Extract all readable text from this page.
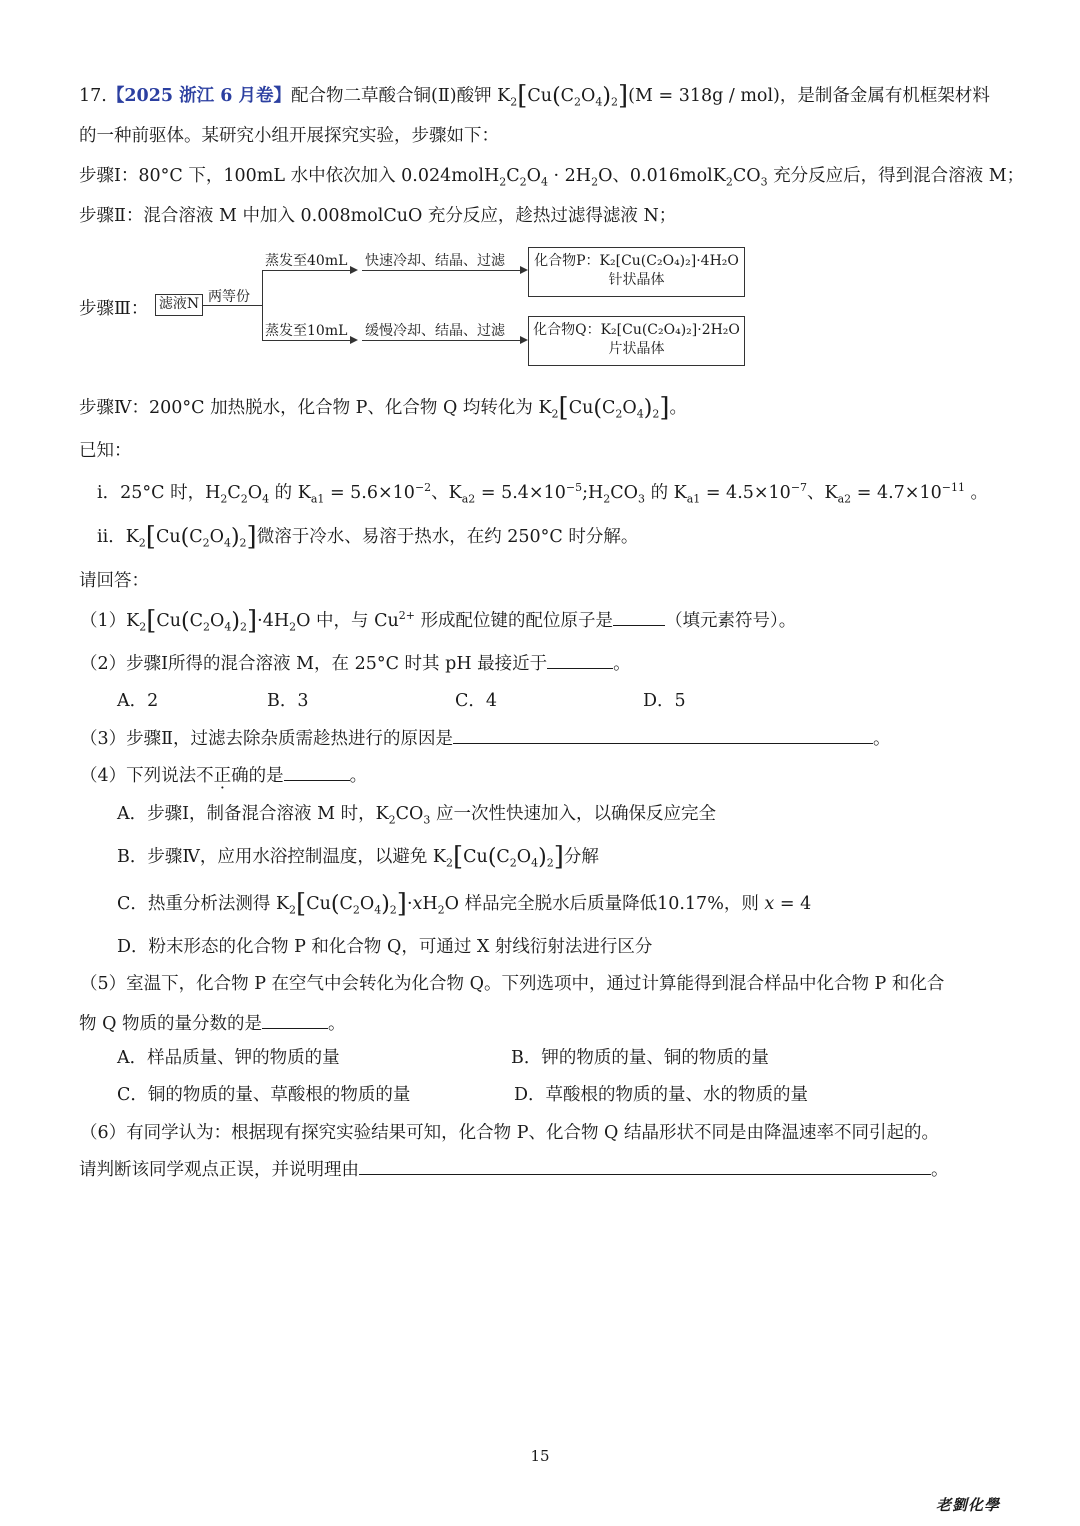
17.【2025 浙江 6 月卷】配合物二草酸合铜(Ⅱ)酸钾 $K_2[Cu(C_2O_4)_2](M = 318g / mol)$，是制备金属有机框架材料
的一种前驱体。某研究小组开展探究实验，步骤如下：
步骤Ⅰ：80°C 下，100mL 水中依次加入 $0.024molH_2C_2O_4 \cdot 2H_2O$、$0.016molK_2CO_3$ 充分反应后，得到混合溶液 M；
步骤Ⅱ：混合溶液 M 中加入 0.008molCuO 充分反应，趁热过滤得滤液 N；
步骤Ⅲ： 滤液N 两等份
蒸发至40mL 快速冷却、结晶、过滤	化合物P：K₂[Cu(C₂O₄)₂]·4H₂O
针状晶体
蒸发至10mL 缓慢冷却、结晶、过滤 化合物Q：K₂[Cu(C₂O₄)₂]·2H₂O
片状晶体
步骤Ⅳ：200°C 加热脱水，化合物 P、化合物 Q 均转化为 $K_2[Cu(C_2O_4)_2]$。
已知：
i．25°C 时，$H_2C_2O_4$ 的 $K_{a1} = 5.6\times 10^{-2}$、$K_{a2}$ = $5.4\times 10^{-5};H_2CO_3$ 的 $K_{a1} = 4.5\times 10^{-7}$、$K_{a2} = 4.7\times 10^{-11}$ 。
ii．$K_2[Cu(C_2O_4)_2]$微溶于冷水、易溶于热水，在约 250°C 时分解。
请回答：
$(1)K_2[Cu(C_2O_4)_2]\cdot 4H_2O$ 中，与 $Cu^{2+}$ 形成配位键的配位原子是	（填元素符号）。
（2）步骤Ⅰ所得的混合溶液 M，在 25°C 时其 pH 最接近于	。
A．2	B．3	C．4	D．5
（3）步骤Ⅱ，过滤去除杂质需趁热进行的原因是	。
（4）下列说法不正确的是	。
A．步骤Ⅰ，制备混合溶液 M 时，$K_2CO_3$ 应一次性快速加入，以确保反应完全
B．步骤Ⅳ，应用水浴控制温度，以避免 $K_2[Cu(C_2O_4)_2]$分解
C．热重分析法测得 $K_2[Cu(C_2O_4)_2]\cdot xH_2O$ 样品完全脱水后质量降低10.17%，则 x = 4
D．粉末形态的化合物 P 和化合物 Q，可通过 X 射线衍射法进行区分
（5）室温下，化合物 P 在空气中会转化为化合物 Q。下列选项中，通过计算能得到混合样品中化合物 P 和化合
物 Q 物质的量分数的是	。
A．样品质量、钾的物质的量	B．钾的物质的量、铜的物质的量
C．铜的物质的量、草酸根的物质的量	D．草酸根的物质的量、水的物质的量
（6）有同学认为：根据现有探究实验结果可知，化合物 P、化合物 Q 结晶形状不同是由降温速率不同引起的。
请判断该同学观点正误，并说明理由	。
15
老劉化學
